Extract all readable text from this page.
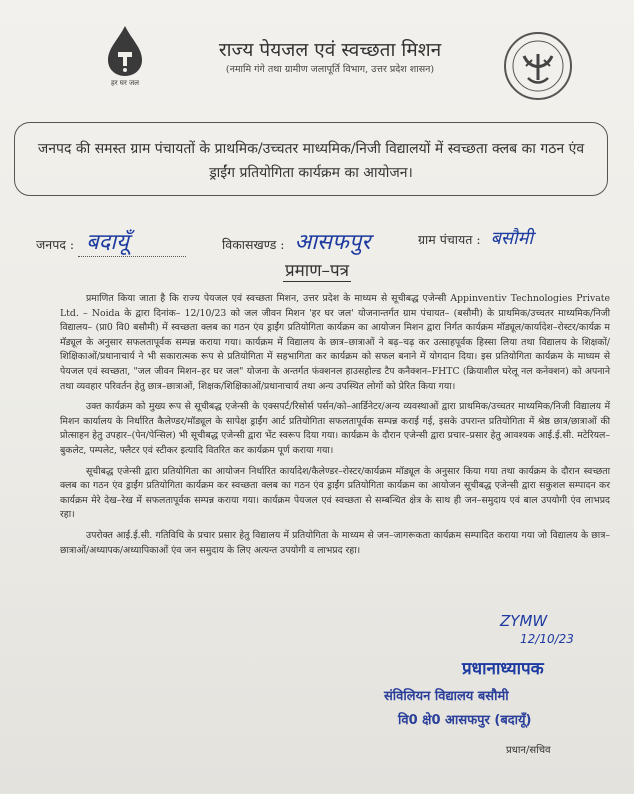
हर घर जल
राज्य पेयजल एवं स्वच्छता मिशन
(नमामि गंगे तथा ग्रामीण जलापूर्ति विभाग, उत्तर प्रदेश शासन)

जनपद की समस्त ग्राम पंचायतों के प्राथमिक/उच्चतर माध्यमिक/निजी विद्यालयों में स्वच्छता क्लब का गठन एंव ड्राईंग प्रतियोगिता कार्यक्रम का आयोजन।

जनपद : बदायूँ	विकासखण्ड : आसफपुर	ग्राम पंचायत : बसौमी
प्रमाण–पत्र

प्रमाणित किया जाता है कि राज्य पेयजल एवं स्वच्छता मिशन, उत्तर प्रदेश के माध्यम से सूचीबद्ध एजेन्सी Appinventiv Technologies Private Ltd. – Noida के द्वारा दिनांक– 12/10/23 को जल जीवन मिशन 'हर घर जल' योजनान्तर्गत ग्राम पंचायत– (बसौमी) के प्राथमिक/उच्चतर माध्यमिक/निजी विद्यालय– (प्रा0 वि0 बसौमी) में स्वच्छता क्लब का गठन एंव ड्राईंग प्रतियोगिता कार्यक्रम का आयोजन मिशन द्वारा निर्गत कार्यक्रम मॉड्यूल/कार्यादेश–रोस्टर/कार्यक्र म मॅड्यूल के अनुसार सफलतापूर्वक सम्पन्न कराया गया। कार्यक्रम में विद्यालय के छात्र–छात्राओं ने बढ़–चढ़ कर उत्साहपूर्वक हिस्सा लिया तथा विद्यालय के शिक्षकों/शिक्षिकाओं/प्रधानाचार्य ने भी सकारात्मक रूप से प्रतियोगिता में सहभागिता कर कार्यक्रम को सफल बनाने में योगदान दिया। इस प्रतियोगिता कार्यक्रम के माध्यम से पेयजल एवं स्वच्छता, "जल जीवन मिशन–हर घर जल" योजना के अन्तर्गत फंक्शनल हाउसहोल्ड टैप कनैक्शन–FHTC (क्रियाशील घरेलू नल कनेक्शन) को अपनाने तथा व्यवहार परिवर्तन हेतु छात्र–छात्राओं, शिक्षक/शिक्षिकाओं/प्रधानाचार्य तथा अन्य उपस्थित लोगों को प्रेरित किया गया।

उक्त कार्यक्रम को मुख्य रूप से सूचीबद्ध एजेन्सी के एक्सपर्ट/रिसोर्स पर्सन/को–आर्डिनेटर/अन्य व्यवस्थाओं द्वारा प्राथमिक/उच्चतर माध्यमिक/निजी विद्यालय में मिशन कार्यालय के निर्धारित कैलेण्डर/मॉड्यूल के सापेक्ष ड्राईंग आर्ट प्रतियोगिता सफलतापूर्वक सम्पन्न कराई गई, इसके उपरान्त प्रतियोगिता में श्रेष्ठ छात्र/छात्राओं की प्रोत्साहन हेतु उपहार–(पेन/पेन्सिल) भी सूचीबद्ध एजेन्सी द्वारा भेंट स्वरूप दिया गया। कार्यक्रम के दौरान एजेन्सी द्वारा प्रचार–प्रसार हेतु आवश्यक आई.ई.सी. मटेरियल–बुकलेट, पम्पलेट, फ्लैटर एवं स्टीकर इत्यादि वितरित कर कार्यक्रम पूर्ण कराया गया।

सूचीबद्ध एजेन्सी द्वारा प्रतियोगिता का आयोजन निर्धारित कार्यादेश/कैलेण्डर–रोस्टर/कार्यक्रम मॉड्यूल के अनुसार किया गया तथा कार्यक्रम के दौरान स्वच्छता क्लब का गठन एंव ड्राईंग प्रतियोगिता कार्यक्रम कर स्वच्छता क्लब का गठन एंव ड्राईंग प्रतियोगिता कार्यक्रम का आयोजन सूचीबद्ध एजेन्सी द्वारा सकुशल सम्पादन कर कार्यक्रम मेरे देख–रेख में सफलतापूर्वक सम्पन्न कराया गया। कार्यक्रम पेयजल एवं स्वच्छता से सम्बन्धित क्षेत्र के साथ ही जन–समुदाय एवं बाल उपयोगी एंव लाभप्रद रहा।

उपरोक्त आई.ई.सी. गतिविधि के प्रचार प्रसार हेतु विद्यालय में प्रतियोगिता के माध्यम से जन–जागरूकता कार्यक्रम सम्पादित कराया गया जो विद्यालय के छात्र–छात्राओं/अध्यापक/अध्यापिकाओं एंव जन समुदाय के लिए अत्यन्त उपयोगी व लाभप्रद रहा।

ZYMW
12/10/23
प्रधानाध्यापक
संविलियन विद्यालय बसौमी
वि0 क्षे0 आसफपुर (बदायूँ)
प्रधान/सचिव
